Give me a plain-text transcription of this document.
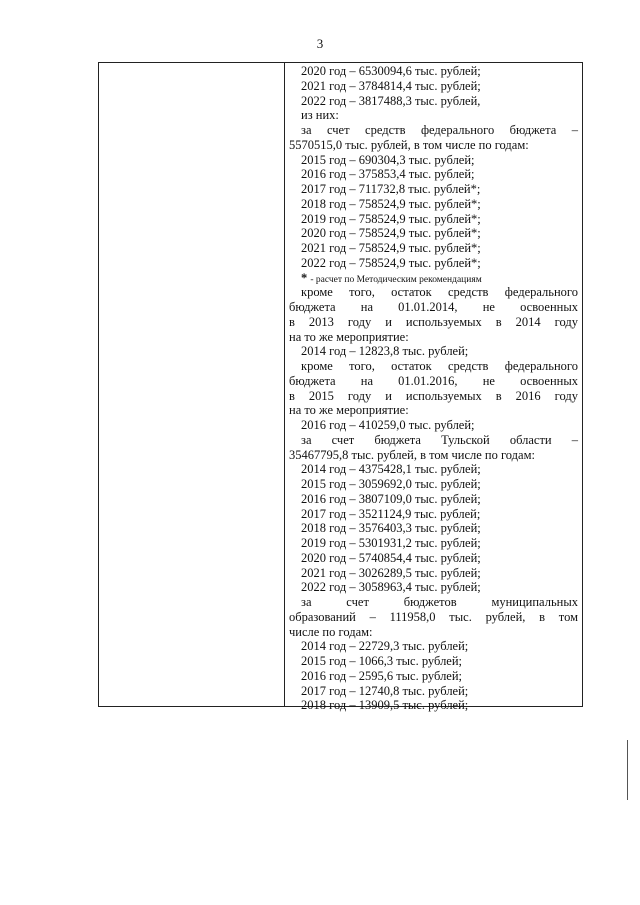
3
2020 год – 6530094,6 тыс. рублей;
2021 год – 3784814,4 тыс. рублей;
2022 год – 3817488,3 тыс. рублей,
из них:
за счет средств федерального бюджета –
5570515,0 тыс. рублей, в том числе по годам:
2015 год – 690304,3 тыс. рублей;
2016 год – 375853,4 тыс. рублей;
2017 год – 711732,8 тыс. рублей*;
2018 год – 758524,9 тыс. рублей*;
2019 год – 758524,9 тыс. рублей*;
2020 год – 758524,9 тыс. рублей*;
2021 год – 758524,9 тыс. рублей*;
2022 год – 758524,9 тыс. рублей*;
* - расчет по Методическим рекомендациям
кроме того, остаток средств федерального
бюджета на 01.01.2014, не освоенных
в 2013 году и используемых в 2014 году
на то же мероприятие:
2014 год – 12823,8 тыс. рублей;
кроме того, остаток средств федерального
бюджета на 01.01.2016, не освоенных
в 2015 году и используемых в 2016 году
на то же мероприятие:
2016 год – 410259,0 тыс. рублей;
за счет бюджета Тульской области –
35467795,8 тыс. рублей, в том числе по годам:
2014 год – 4375428,1 тыс. рублей;
2015 год – 3059692,0 тыс. рублей;
2016 год – 3807109,0 тыс. рублей;
2017 год – 3521124,9 тыс. рублей;
2018 год – 3576403,3 тыс. рублей;
2019 год – 5301931,2 тыс. рублей;
2020 год – 5740854,4 тыс. рублей;
2021 год – 3026289,5 тыс. рублей;
2022 год – 3058963,4 тыс. рублей;
за счет бюджетов муниципальных
образований – 111958,0 тыс. рублей, в том
числе по годам:
2014 год – 22729,3 тыс. рублей;
2015 год – 1066,3 тыс. рублей;
2016 год – 2595,6 тыс. рублей;
2017 год – 12740,8 тыс. рублей;
2018 год – 13909,5 тыс. рублей;
